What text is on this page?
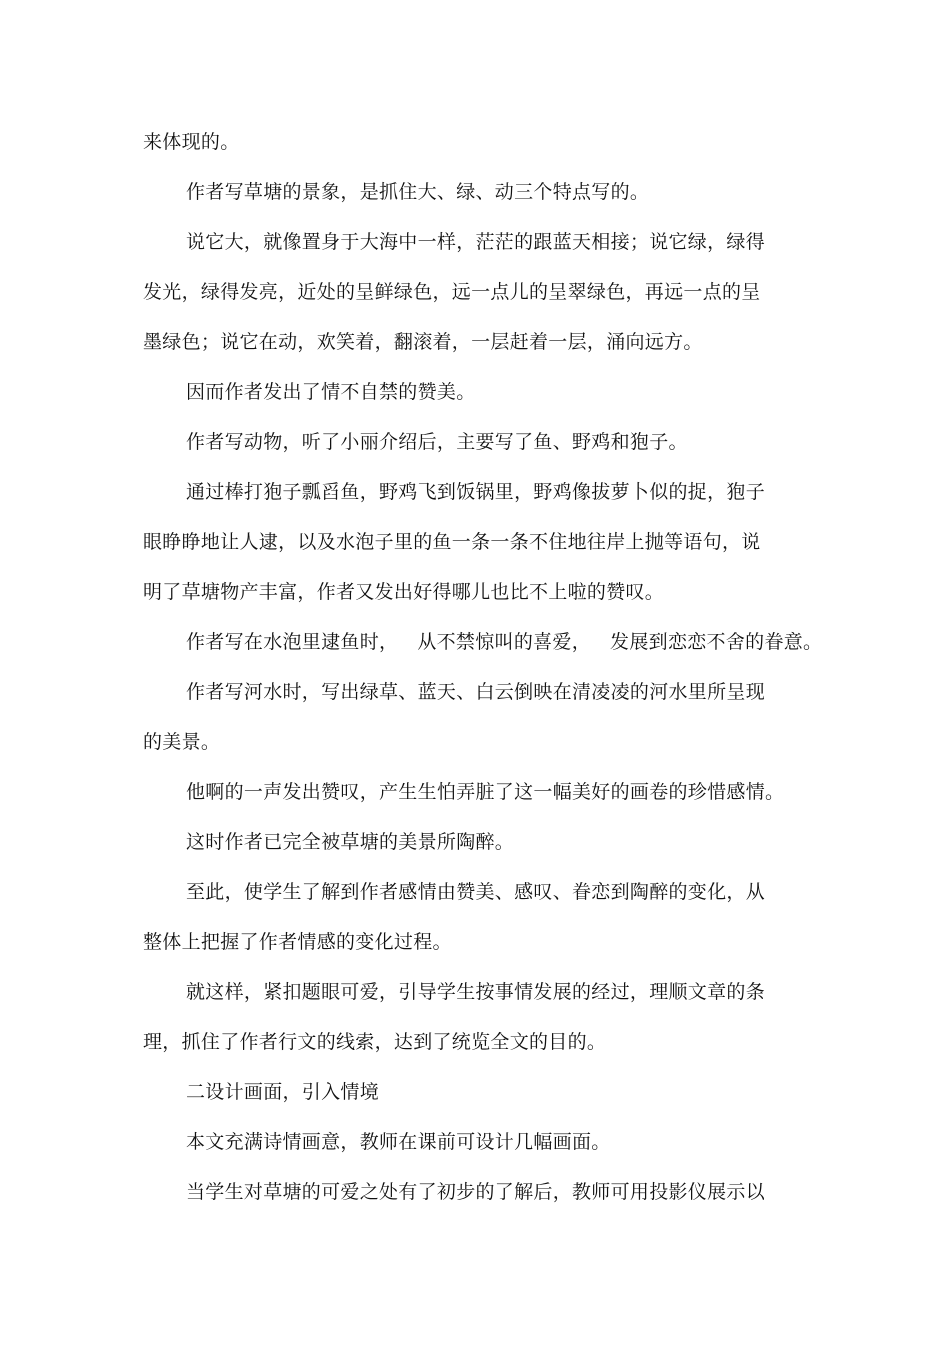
来体现的。
作者写草塘的景象，是抓住大、绿、动三个特点写的。
说它大，就像置身于大海中一样，茫茫的跟蓝天相接；说它绿，绿得
发光，绿得发亮，近处的呈鲜绿色，远一点儿的呈翠绿色，再远一点的呈
墨绿色；说它在动，欢笑着，翻滚着，一层赶着一层，涌向远方。
因而作者发出了情不自禁的赞美。
作者写动物，听了小丽介绍后，主要写了鱼、野鸡和狍子。
通过棒打狍子瓢舀鱼，野鸡飞到饭锅里，野鸡像拔萝卜似的捉，狍子
眼睁睁地让人逮，以及水泡子里的鱼一条一条不住地往岸上抛等语句，说
明了草塘物产丰富，作者又发出好得哪儿也比不上啦的赞叹。
作者写在水泡里逮鱼时，   从不禁惊叫的喜爱，   发展到恋恋不舍的眷意。
作者写河水时，写出绿草、蓝天、白云倒映在清凌凌的河水里所呈现
的美景。
他啊的一声发出赞叹，产生生怕弄脏了这一幅美好的画卷的珍惜感情。
这时作者已完全被草塘的美景所陶醉。
至此，使学生了解到作者感情由赞美、感叹、眷恋到陶醉的变化，从
整体上把握了作者情感的变化过程。
就这样，紧扣题眼可爱，引导学生按事情发展的经过，理顺文章的条
理，抓住了作者行文的线索，达到了统览全文的目的。
二设计画面，引入情境
本文充满诗情画意，教师在课前可设计几幅画面。
当学生对草塘的可爱之处有了初步的了解后，教师可用投影仪展示以
